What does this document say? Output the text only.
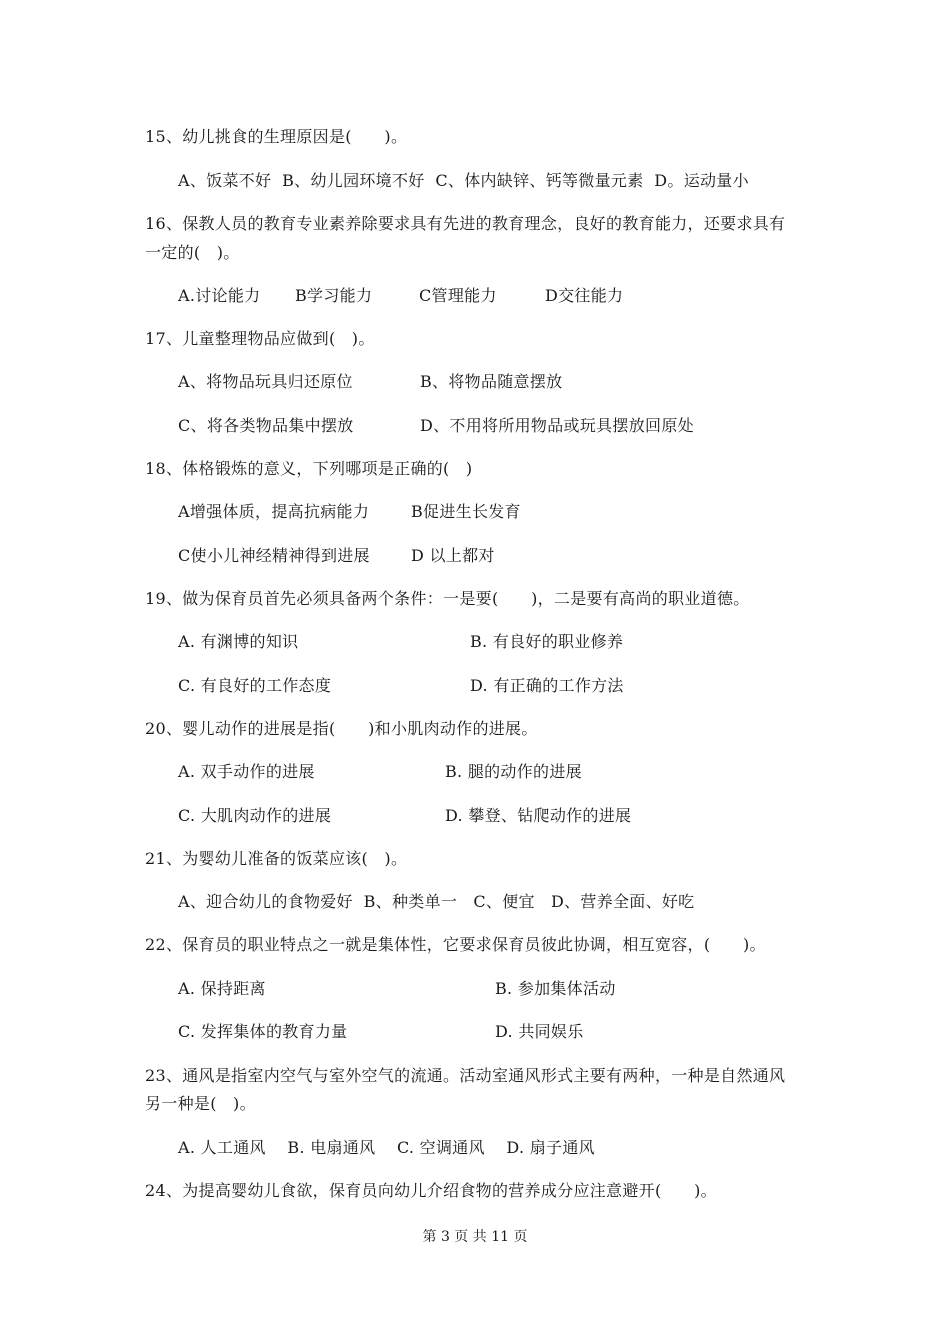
15、幼儿挑食的生理原因是(　　)。
A、饭菜不好  B、幼儿园环境不好  C、体内缺锌、钙等微量元素  D。运动量小
16、保教人员的教育专业素养除要求具有先进的教育理念，良好的教育能力，还要求具有
一定的(　)。
A.讨论能力 B学习能力	C管理能力	D交往能力
17、儿童整理物品应做到(　)。
A、将物品玩具归还原位	B、将物品随意摆放
C、将各类物品集中摆放	D、不用将所用物品或玩具摆放回原处
18、体格锻炼的意义，下列哪项是正确的(　)
A增强体质，提高抗病能力	B促进生长发育
C使小儿神经精神得到进展	D 以上都对
19、做为保育员首先必须具备两个条件：一是要(　　)，二是要有高尚的职业道德。
A. 有渊博的知识	B. 有良好的职业修养
C. 有良好的工作态度	D. 有正确的工作方法
20、婴儿动作的进展是指(　　)和小肌肉动作的进展。
A. 双手动作的进展	B. 腿的动作的进展
C. 大肌肉动作的进展	D. 攀登、钻爬动作的进展
21、为婴幼儿准备的饭菜应该(　)。
A、迎合幼儿的食物爱好  B、种类单一   C、便宜   D、营养全面、好吃
22、保育员的职业特点之一就是集体性，它要求保育员彼此协调，相互宽容，(　　)。
A. 保持距离	B. 参加集体活动
C. 发挥集体的教育力量	D. 共同娱乐
23、通风是指室内空气与室外空气的流通。活动室通风形式主要有两种，一种是自然通风
另一种是(　)。
A. 人工通风    B. 电扇通风    C. 空调通风    D. 扇子通风
24、为提高婴幼儿食欲，保育员向幼儿介绍食物的营养成分应注意避开(　　)。
第 3 页 共 11 页
